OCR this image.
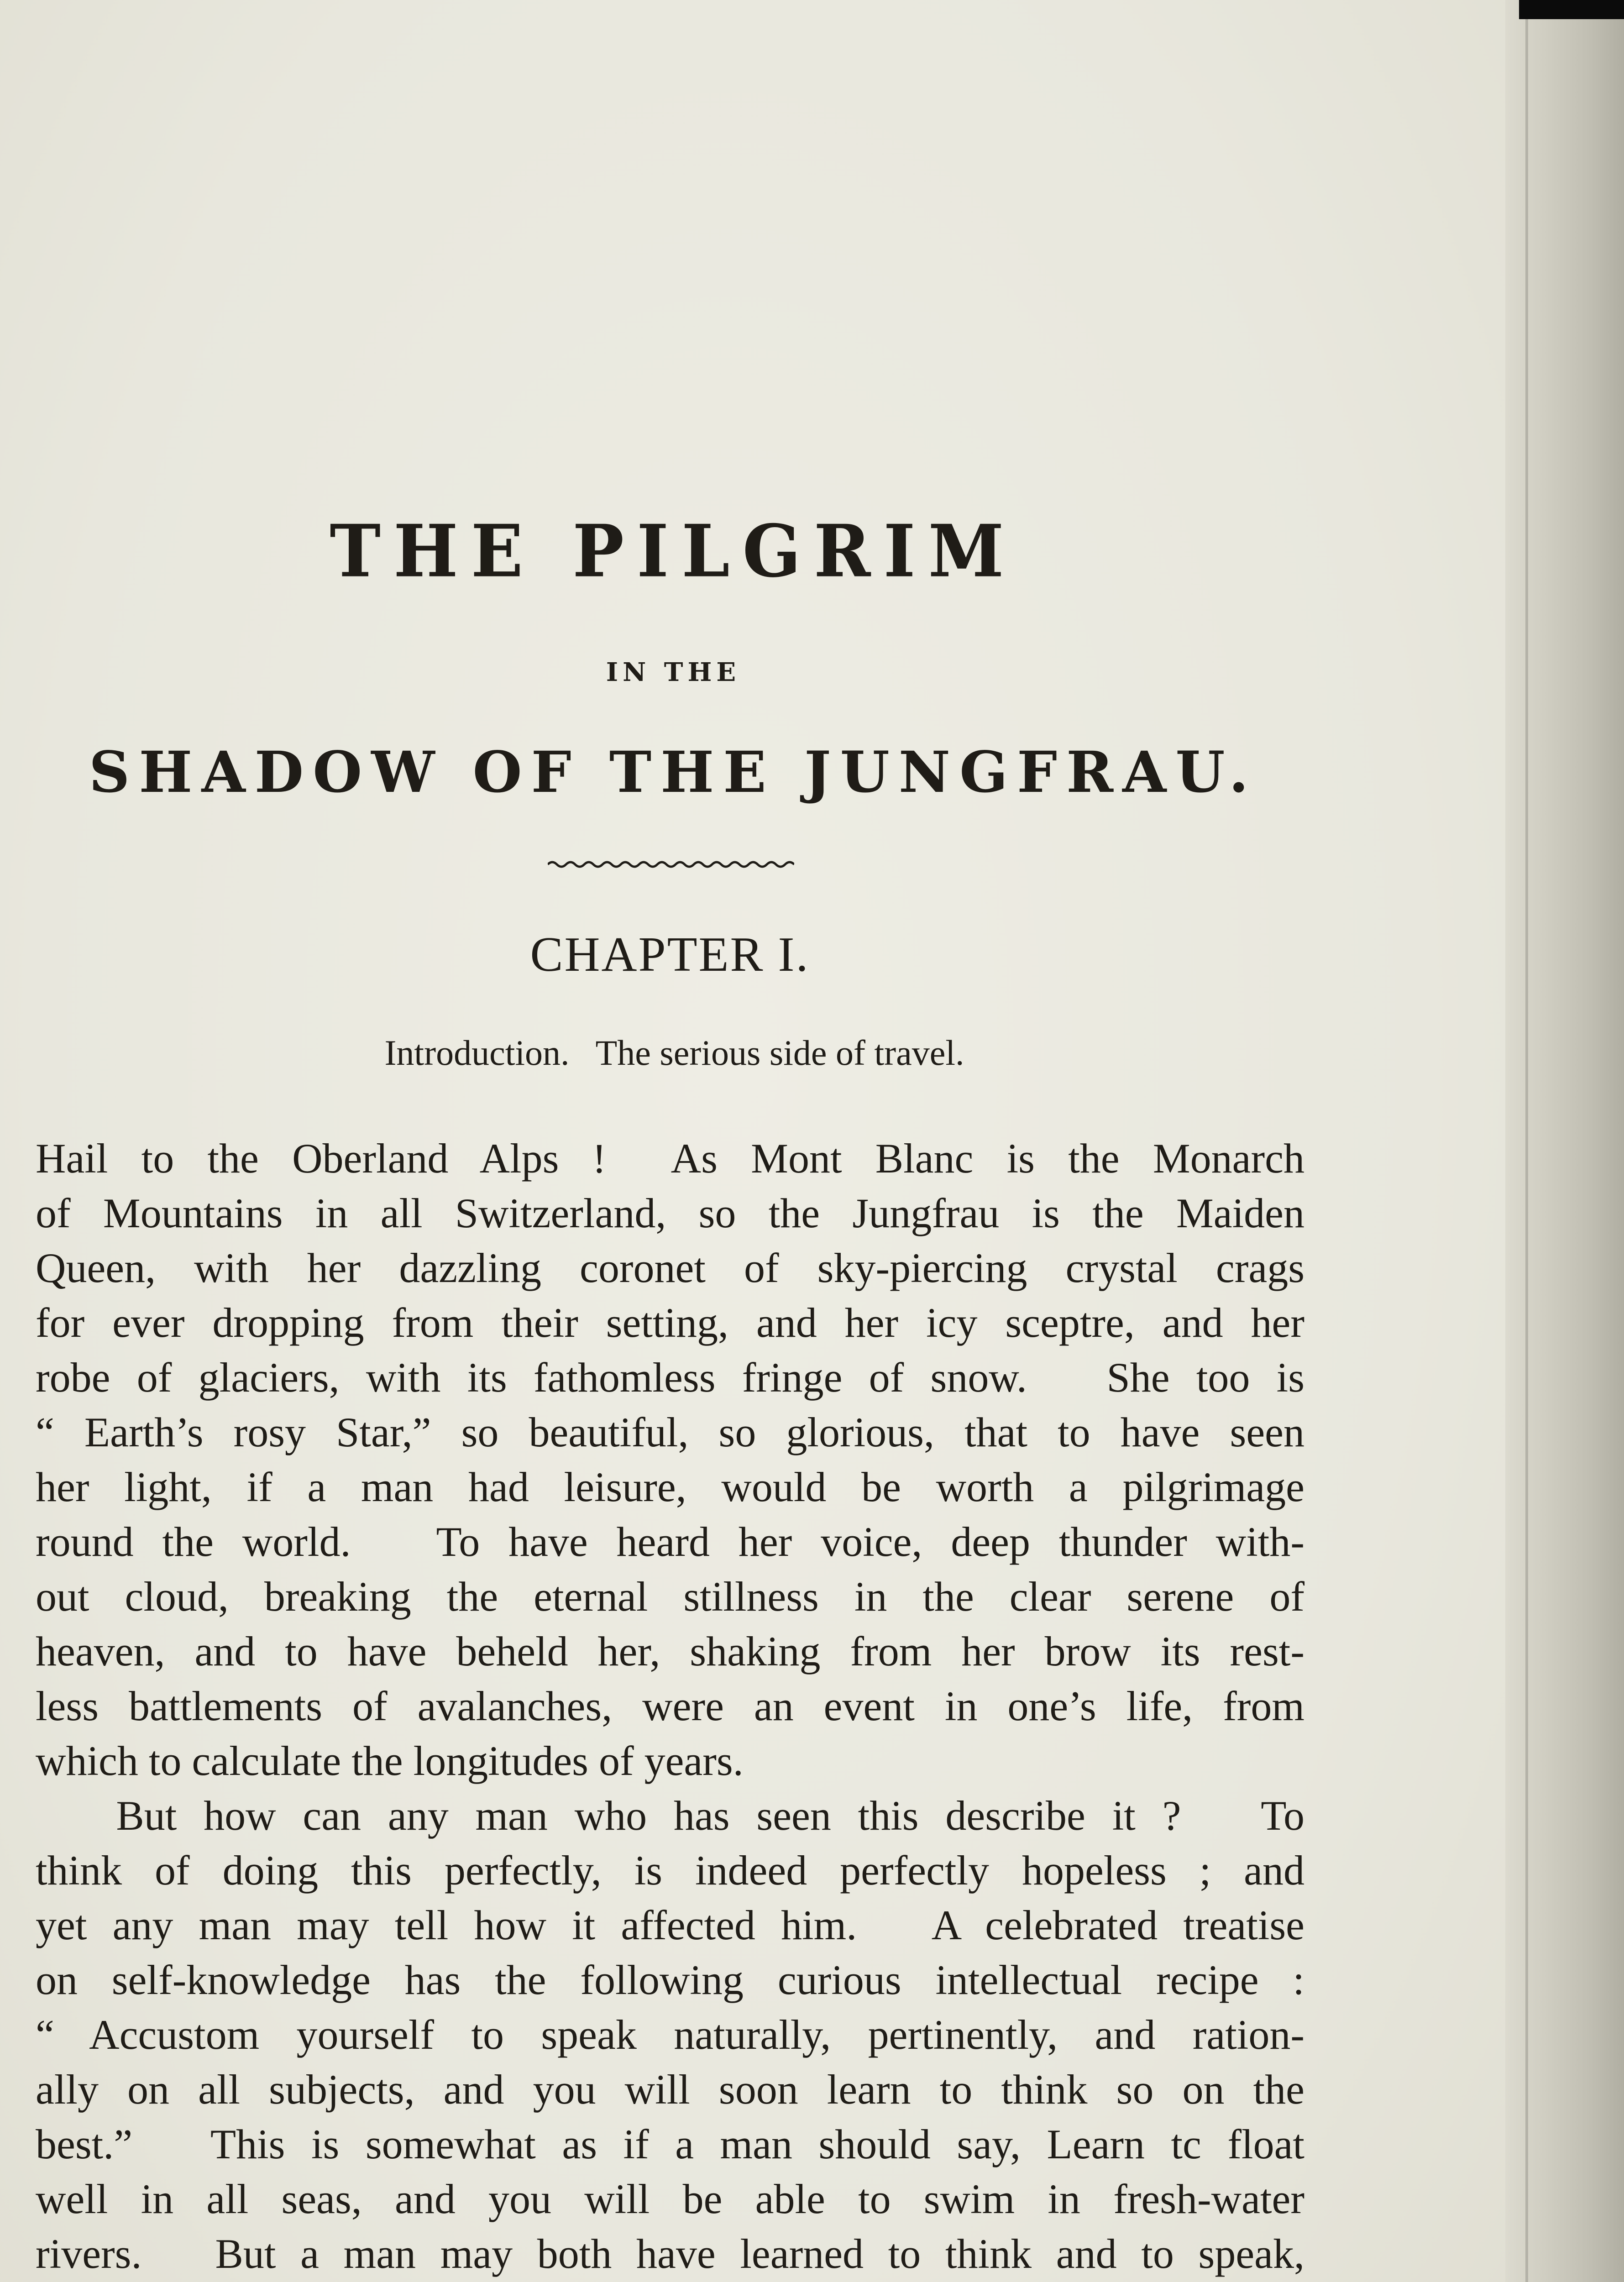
THE PILGRIM
IN THE
SHADOW OF THE JUNGFRAU.
CHAPTER I.
Introduction.   The serious side of travel.
Hail to the Oberland Alps !  As Mont Blanc is the Monarch
of Mountains in all Switzerland, so the Jungfrau is the Maiden
Queen, with her dazzling coronet of sky-piercing crystal crags
for ever dropping from their setting, and her icy sceptre, and her
robe of glaciers, with its fathomless fringe of snow.   She too is
“ Earth’s rosy Star,” so beautiful, so glorious, that to have seen
her light, if a man had leisure, would be worth a pilgrimage
round the world.   To have heard her voice, deep thunder with-
out cloud, breaking the eternal stillness in the clear serene of
heaven, and to have beheld her, shaking from her brow its rest-
less battlements of avalanches, were an event in one’s life, from
which to calculate the longitudes of years.
But how can any man who has seen this describe it ?   To
think of doing this perfectly, is indeed perfectly hopeless ; and
yet any man may tell how it affected him.   A celebrated treatise
on self-knowledge has the following curious intellectual recipe :
“ Accustom yourself to speak naturally, pertinently, and ration-
ally on all subjects, and you will soon learn to think so on the
best.”   This is somewhat as if a man should say, Learn tc float
well in all seas, and you will be able to swim in fresh-water
rivers.   But a man may both have learned to think and to speak,
